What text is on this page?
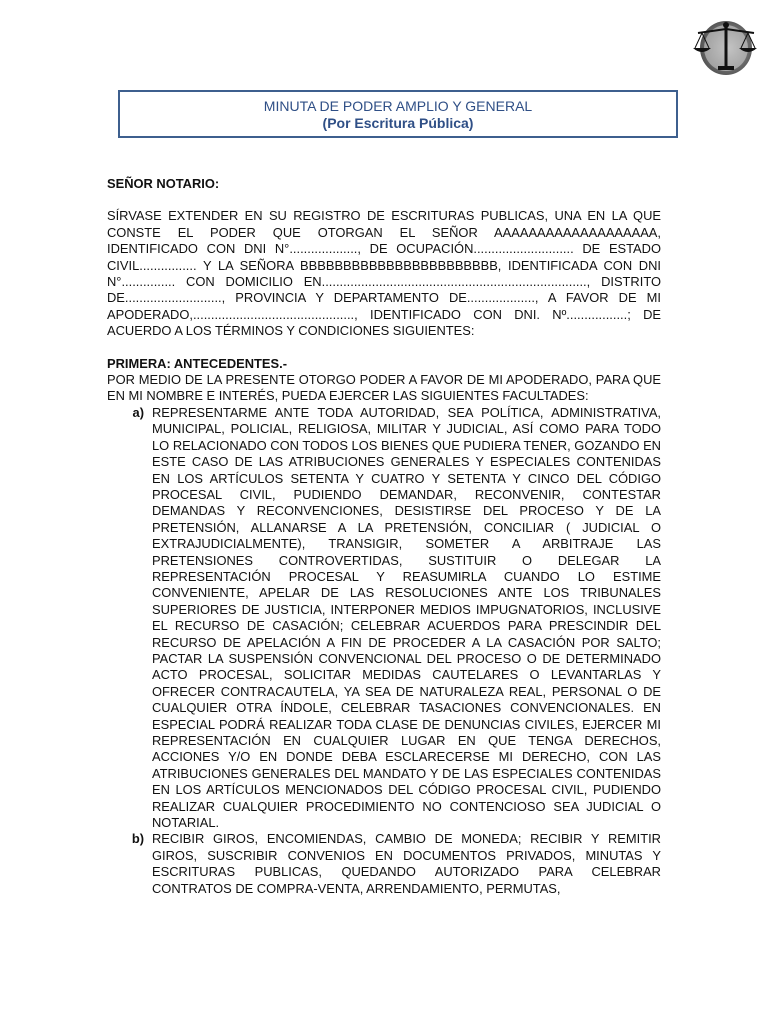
MINUTA DE PODER AMPLIO Y GENERAL
(Por Escritura Pública)

SEÑOR NOTARIO:

SÍRVASE EXTENDER EN SU REGISTRO DE ESCRITURAS PUBLICAS, UNA EN LA QUE CONSTE EL PODER QUE OTORGAN EL SEÑOR AAAAAAAAAAAAAAAAAAA, IDENTIFICADO CON DNI N°..................., DE OCUPACIÓN............................ DE ESTADO CIVIL................ Y LA SEÑORA BBBBBBBBBBBBBBBBBBBBBBB, IDENTIFICADA CON DNI N°............... CON DOMICILIO EN.........................................................................., DISTRITO DE..........................., PROVINCIA Y DEPARTAMENTO DE..................., A FAVOR DE MI APODERADO,............................................., IDENTIFICADO CON DNI. Nº.................; DE ACUERDO A LOS TÉRMINOS Y CONDICIONES SIGUIENTES:

PRIMERA: ANTECEDENTES.-

POR MEDIO DE LA PRESENTE OTORGO PODER A FAVOR DE MI APODERADO, PARA QUE EN MI NOMBRE E INTERÉS, PUEDA EJERCER LAS SIGUIENTES FACULTADES:

a) REPRESENTARME ANTE TODA AUTORIDAD, SEA POLÍTICA, ADMINISTRATIVA, MUNICIPAL, POLICIAL, RELIGIOSA, MILITAR Y JUDICIAL, ASÍ COMO PARA TODO LO RELACIONADO CON TODOS LOS BIENES QUE PUDIERA TENER, GOZANDO EN ESTE CASO DE LAS ATRIBUCIONES GENERALES Y ESPECIALES CONTENIDAS EN LOS ARTÍCULOS SETENTA Y CUATRO Y SETENTA Y CINCO DEL CÓDIGO PROCESAL CIVIL, PUDIENDO DEMANDAR, RECONVENIR, CONTESTAR DEMANDAS Y RECONVENCIONES, DESISTIRSE DEL PROCESO Y DE LA PRETENSIÓN, ALLANARSE A LA PRETENSIÓN, CONCILIAR ( JUDICIAL O EXTRAJUDICIALMENTE), TRANSIGIR, SOMETER A ARBITRAJE LAS PRETENSIONES CONTROVERTIDAS, SUSTITUIR O DELEGAR LA REPRESENTACIÓN PROCESAL Y REASUMIRLA CUANDO LO ESTIME CONVENIENTE, APELAR DE LAS RESOLUCIONES ANTE LOS TRIBUNALES SUPERIORES DE JUSTICIA, INTERPONER MEDIOS IMPUGNATORIOS, INCLUSIVE EL RECURSO DE CASACIÓN; CELEBRAR ACUERDOS PARA PRESCINDIR DEL RECURSO DE APELACIÓN A FIN DE PROCEDER A LA CASACIÓN POR SALTO; PACTAR LA SUSPENSIÓN CONVENCIONAL DEL PROCESO O DE DETERMINADO ACTO PROCESAL, SOLICITAR MEDIDAS CAUTELARES O LEVANTARLAS Y OFRECER CONTRACAUTELA, YA SEA DE NATURALEZA REAL, PERSONAL O DE CUALQUIER OTRA ÍNDOLE, CELEBRAR TASACIONES CONVENCIONALES. EN ESPECIAL PODRÁ REALIZAR TODA CLASE DE DENUNCIAS CIVILES, EJERCER MI REPRESENTACIÓN EN CUALQUIER LUGAR EN QUE TENGA DERECHOS, ACCIONES Y/O EN DONDE DEBA ESCLARECERSE MI DERECHO, CON LAS ATRIBUCIONES GENERALES DEL MANDATO Y DE LAS ESPECIALES CONTENIDAS EN LOS ARTÍCULOS MENCIONADOS DEL CÓDIGO PROCESAL CIVIL, PUDIENDO REALIZAR CUALQUIER PROCEDIMIENTO NO CONTENCIOSO SEA JUDICIAL O NOTARIAL.
b) RECIBIR GIROS, ENCOMIENDAS, CAMBIO DE MONEDA; RECIBIR Y REMITIR GIROS, SUSCRIBIR CONVENIOS EN DOCUMENTOS PRIVADOS, MINUTAS Y ESCRITURAS PUBLICAS, QUEDANDO AUTORIZADO PARA CELEBRAR CONTRATOS DE COMPRA-VENTA, ARRENDAMIENTO, PERMUTAS,
